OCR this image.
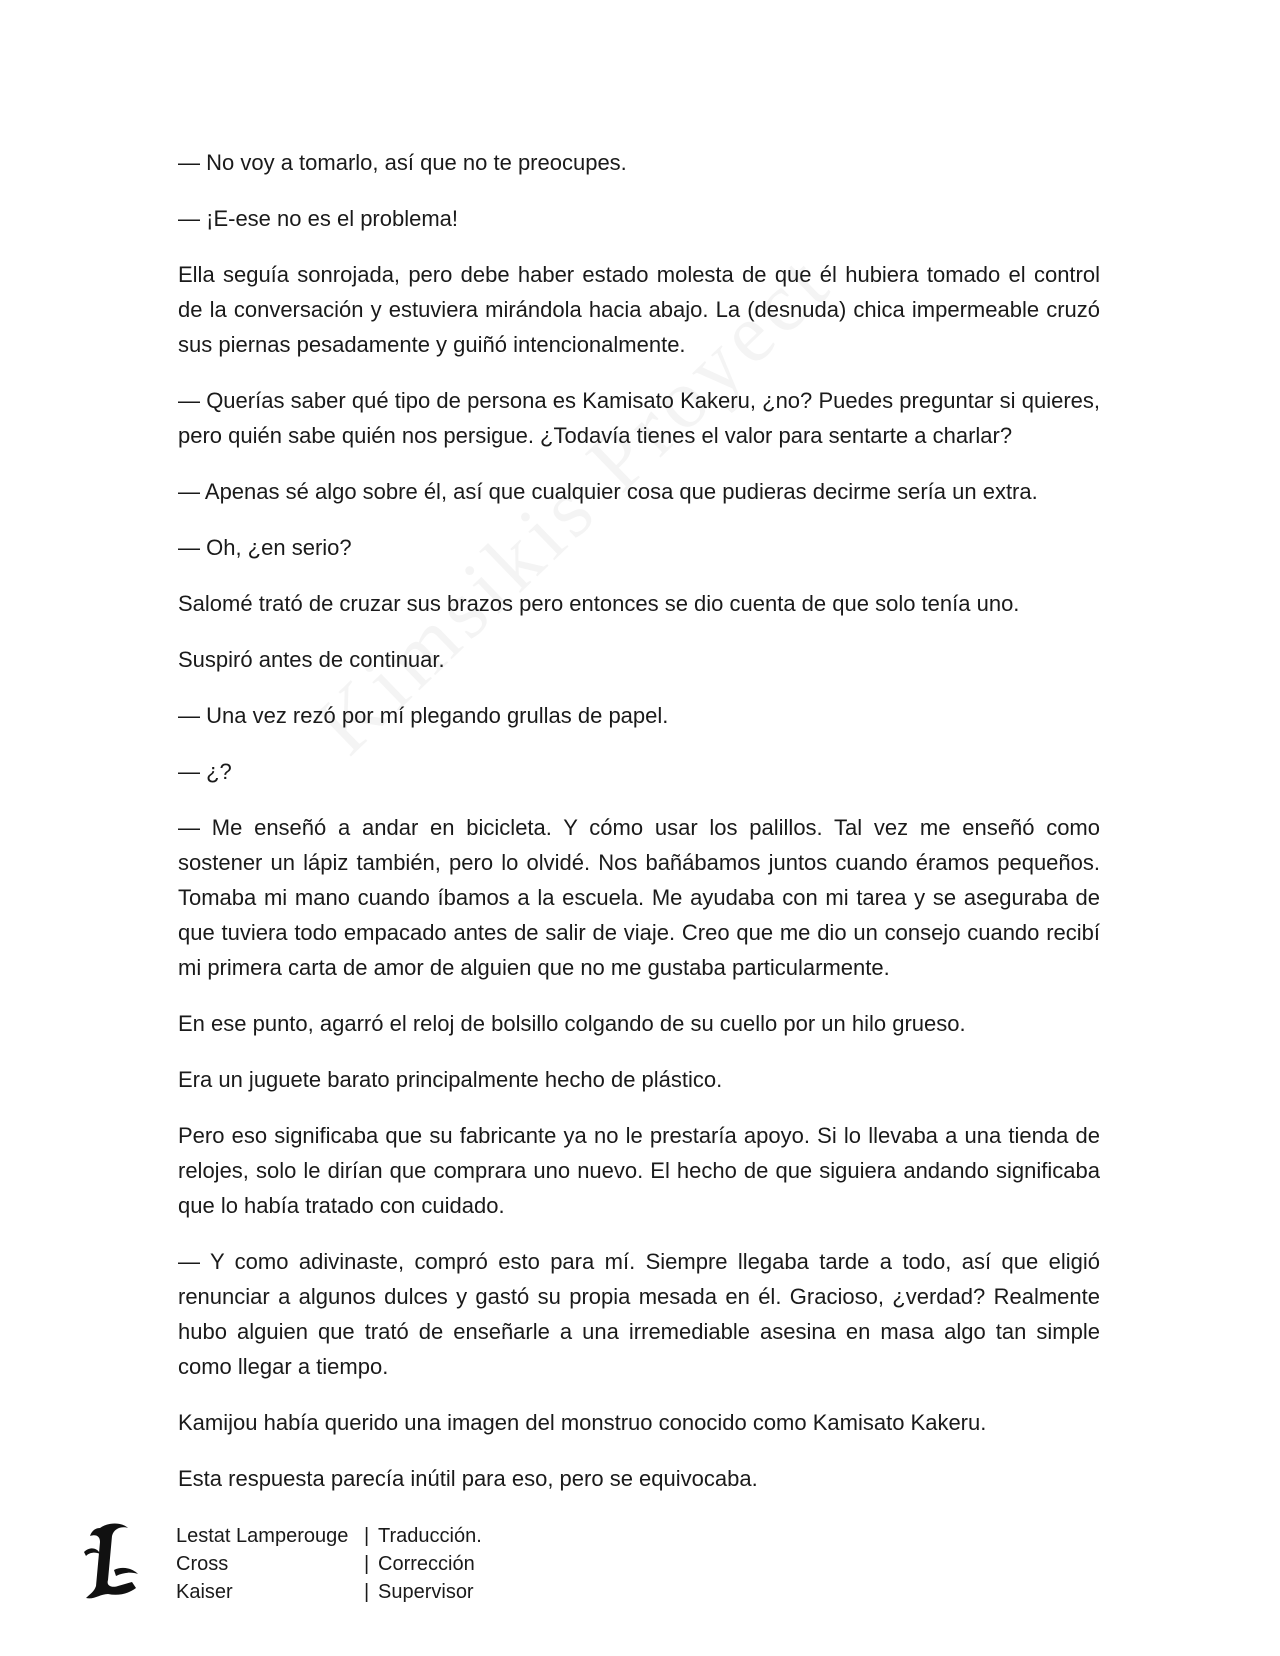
— No voy a tomarlo, así que no te preocupes.

— ¡E-ese no es el problema!

Ella seguía sonrojada, pero debe haber estado molesta de que él hubiera tomado el control de la conversación y estuviera mirándola hacia abajo. La (desnuda) chica impermeable cruzó sus piernas pesadamente y guiñó intencionalmente.

— Querías saber qué tipo de persona es Kamisato Kakeru, ¿no? Puedes preguntar si quieres, pero quién sabe quién nos persigue. ¿Todavía tienes el valor para sentarte a charlar?

— Apenas sé algo sobre él, así que cualquier cosa que pudieras decirme sería un extra.

— Oh, ¿en serio?

Salomé trató de cruzar sus brazos pero entonces se dio cuenta de que solo tenía uno.

Suspiró antes de continuar.

— Una vez rezó por mí plegando grullas de papel.

— ¿?

— Me enseñó a andar en bicicleta. Y cómo usar los palillos. Tal vez me enseñó como sostener un lápiz también, pero lo olvidé. Nos bañábamos juntos cuando éramos pequeños. Tomaba mi mano cuando íbamos a la escuela. Me ayudaba con mi tarea y se aseguraba de que tuviera todo empacado antes de salir de viaje. Creo que me dio un consejo cuando recibí mi primera carta de amor de alguien que no me gustaba particularmente.

En ese punto, agarró el reloj de bolsillo colgando de su cuello por un hilo grueso.

Era un juguete barato principalmente hecho de plástico.

Pero eso significaba que su fabricante ya no le prestaría apoyo. Si lo llevaba a una tienda de relojes, solo le dirían que comprara uno nuevo. El hecho de que siguiera andando significaba que lo había tratado con cuidado.

— Y como adivinaste, compró esto para mí. Siempre llegaba tarde a todo, así que eligió renunciar a algunos dulces y gastó su propia mesada en él. Gracioso, ¿verdad? Realmente hubo alguien que trató de enseñarle a una irremediable asesina en masa algo tan simple como llegar a tiempo.

Kamijou había querido una imagen del monstruo conocido como Kamisato Kakeru.

Esta respuesta parecía inútil para eso, pero se equivocaba.

Lestat Lamperouge | Traducción.
Cross	| Corrección
Kaiser	| Supervisor
